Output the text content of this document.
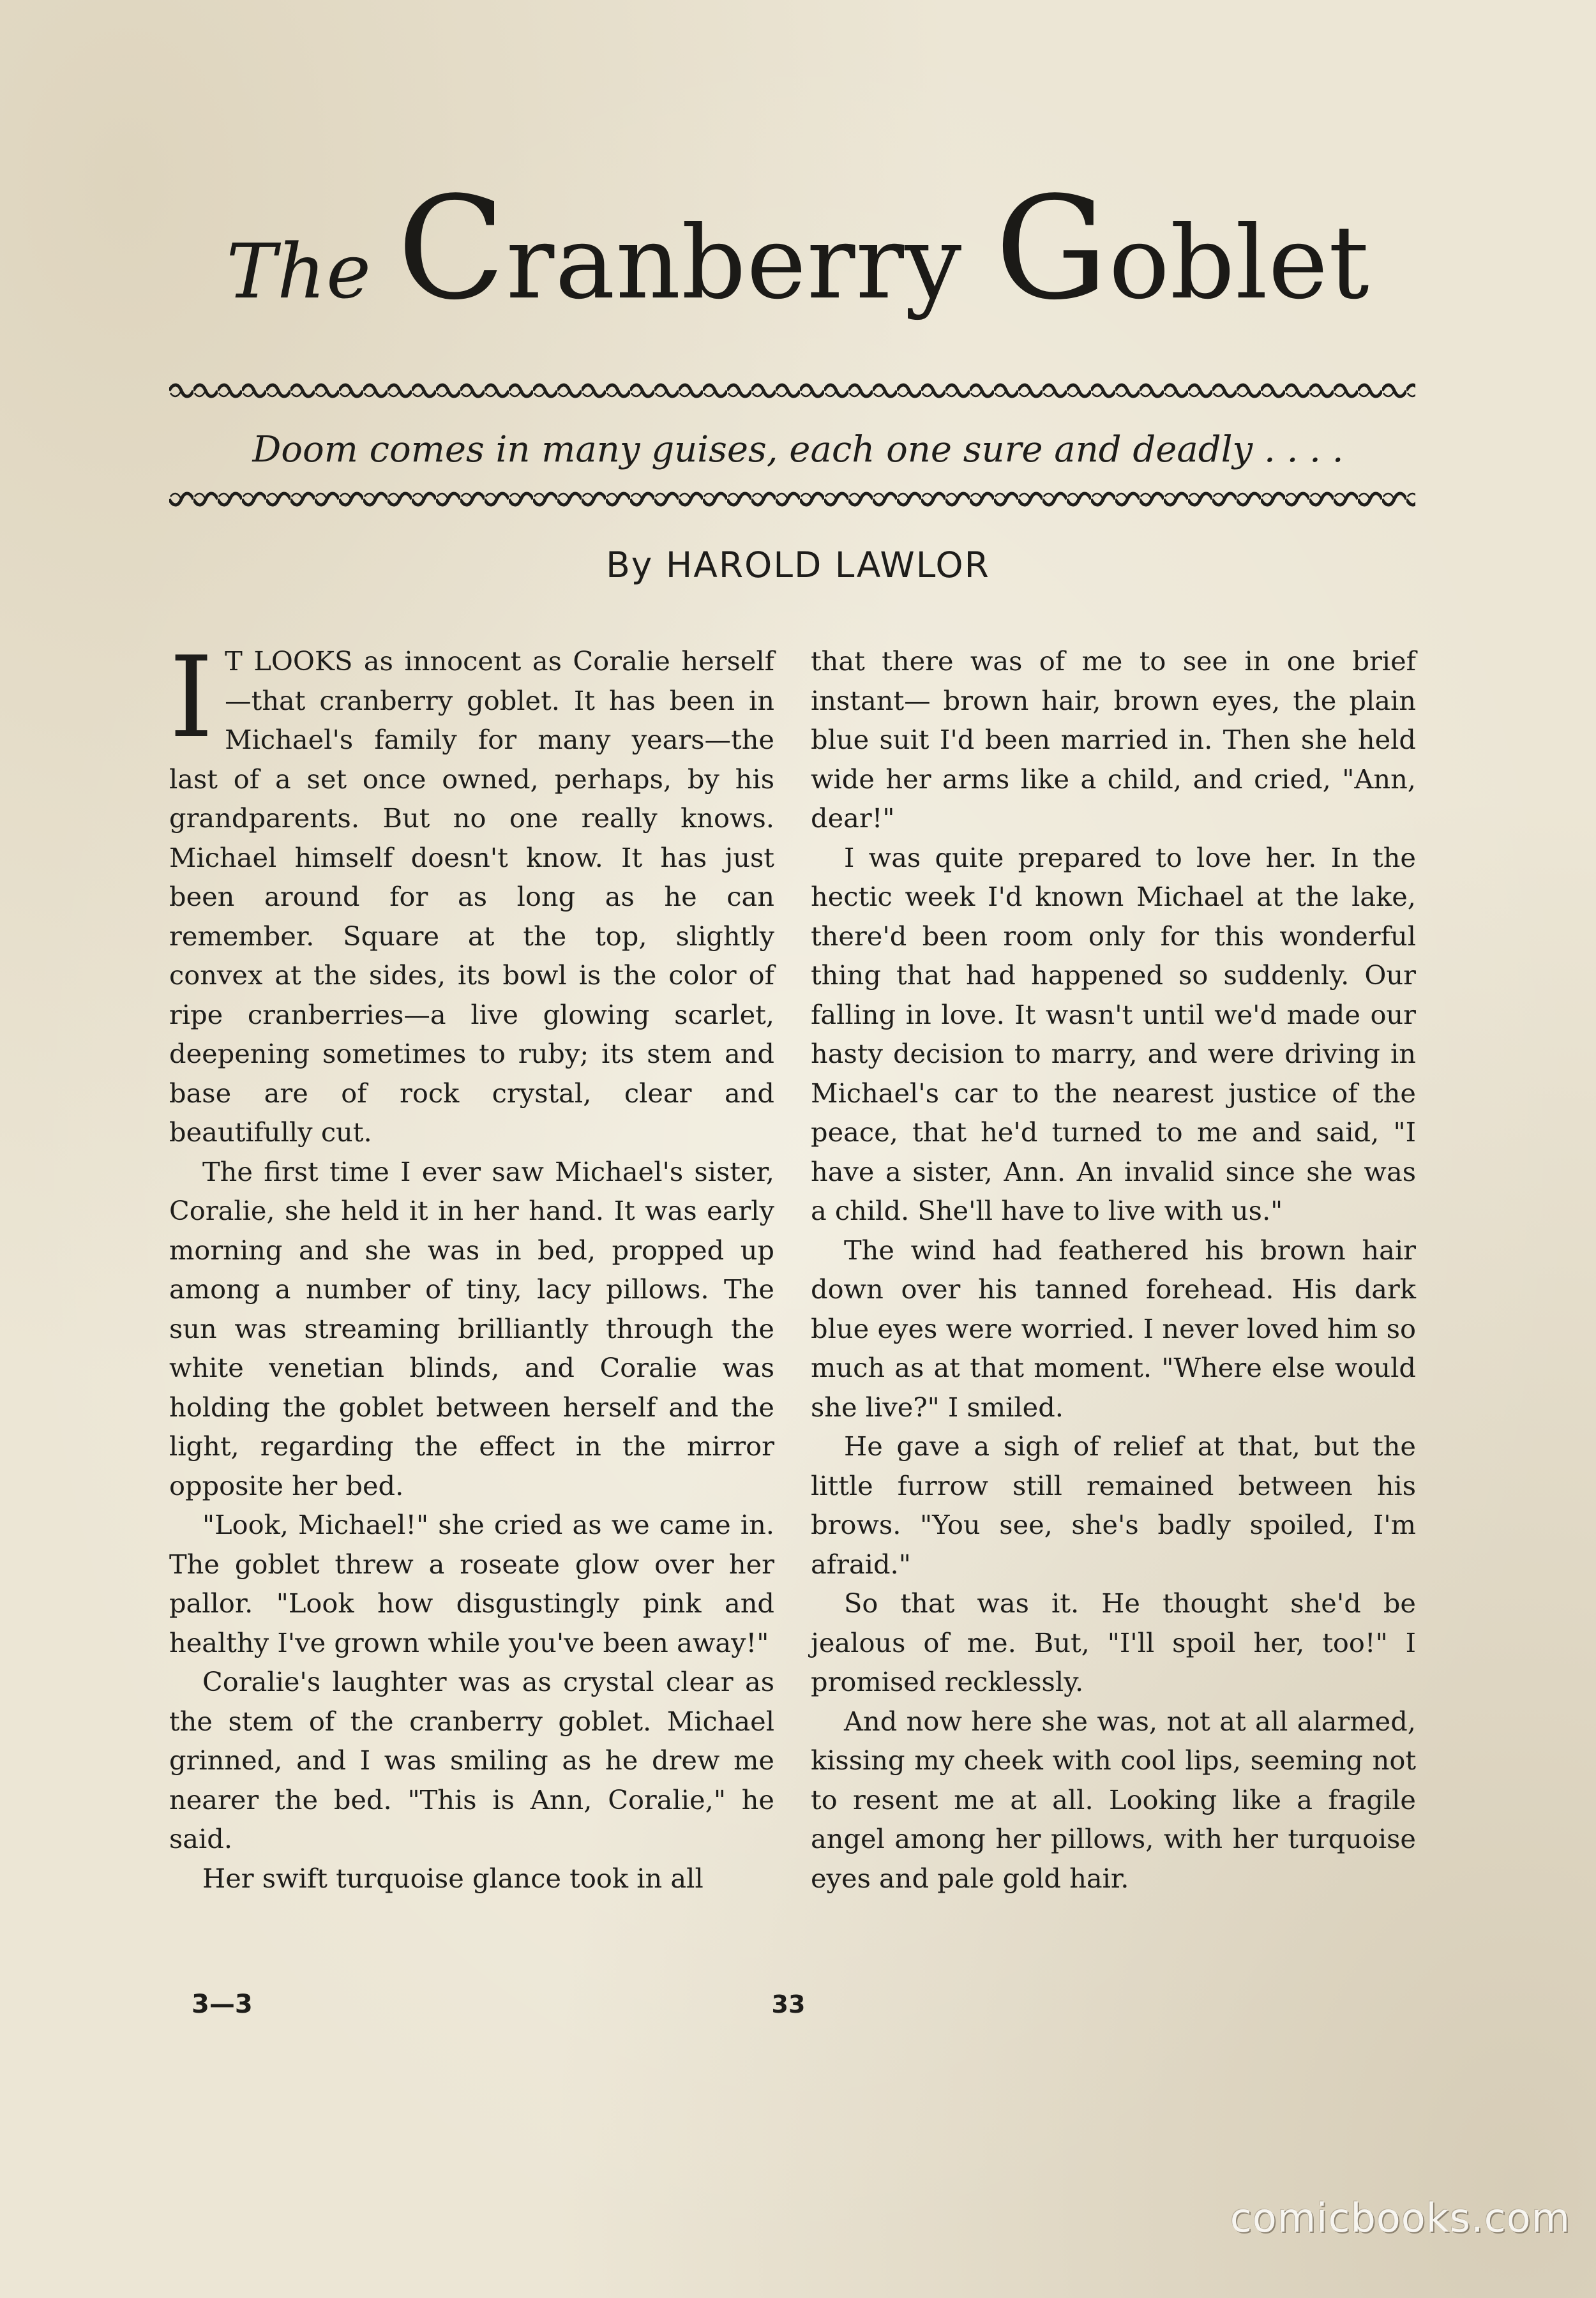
The Cranberry Goblet
Doom comes in many guises, each one sure and deadly . . . .
By HAROLD LAWLOR

IT LOOKS as innocent as Coralie herself—that cranberry goblet. It has been in Michael's family for many years—the last of a set once owned, perhaps, by his grandparents. But no one really knows. Michael himself doesn't know. It has just been around for as long as he can remember. Square at the top, slightly convex at the sides, its bowl is the color of ripe cranberries—a live glowing scarlet, deepening sometimes to ruby; its stem and base are of rock crystal, clear and beautifully cut.

The first time I ever saw Michael's sister, Coralie, she held it in her hand. It was early morning and she was in bed, propped up among a number of tiny, lacy pillows. The sun was streaming brilliantly through the white venetian blinds, and Coralie was holding the goblet between herself and the light, regarding the effect in the mirror opposite her bed.

"Look, Michael!" she cried as we came in. The goblet threw a roseate glow over her pallor. "Look how disgustingly pink and healthy I've grown while you've been away!"

Coralie's laughter was as crystal clear as the stem of the cranberry goblet. Michael grinned, and I was smiling as he drew me nearer the bed. "This is Ann, Coralie," he said.

Her swift turquoise glance took in all

that there was of me to see in one brief instant— brown hair, brown eyes, the plain blue suit I'd been married in. Then she held wide her arms like a child, and cried, "Ann, dear!"

I was quite prepared to love her. In the hectic week I'd known Michael at the lake, there'd been room only for this wonderful thing that had happened so suddenly. Our falling in love. It wasn't until we'd made our hasty decision to marry, and were driving in Michael's car to the nearest justice of the peace, that he'd turned to me and said, "I have a sister, Ann. An invalid since she was a child. She'll have to live with us."

The wind had feathered his brown hair down over his tanned forehead. His dark blue eyes were worried. I never loved him so much as at that moment. "Where else would she live?" I smiled.

He gave a sigh of relief at that, but the little furrow still remained between his brows. "You see, she's badly spoiled, I'm afraid."

So that was it. He thought she'd be jealous of me. But, "I'll spoil her, too!" I promised recklessly.

And now here she was, not at all alarmed, kissing my cheek with cool lips, seeming not to resent me at all. Looking like a fragile angel among her pillows, with her turquoise eyes and pale gold hair.

3—3	33
comicbooks.com
